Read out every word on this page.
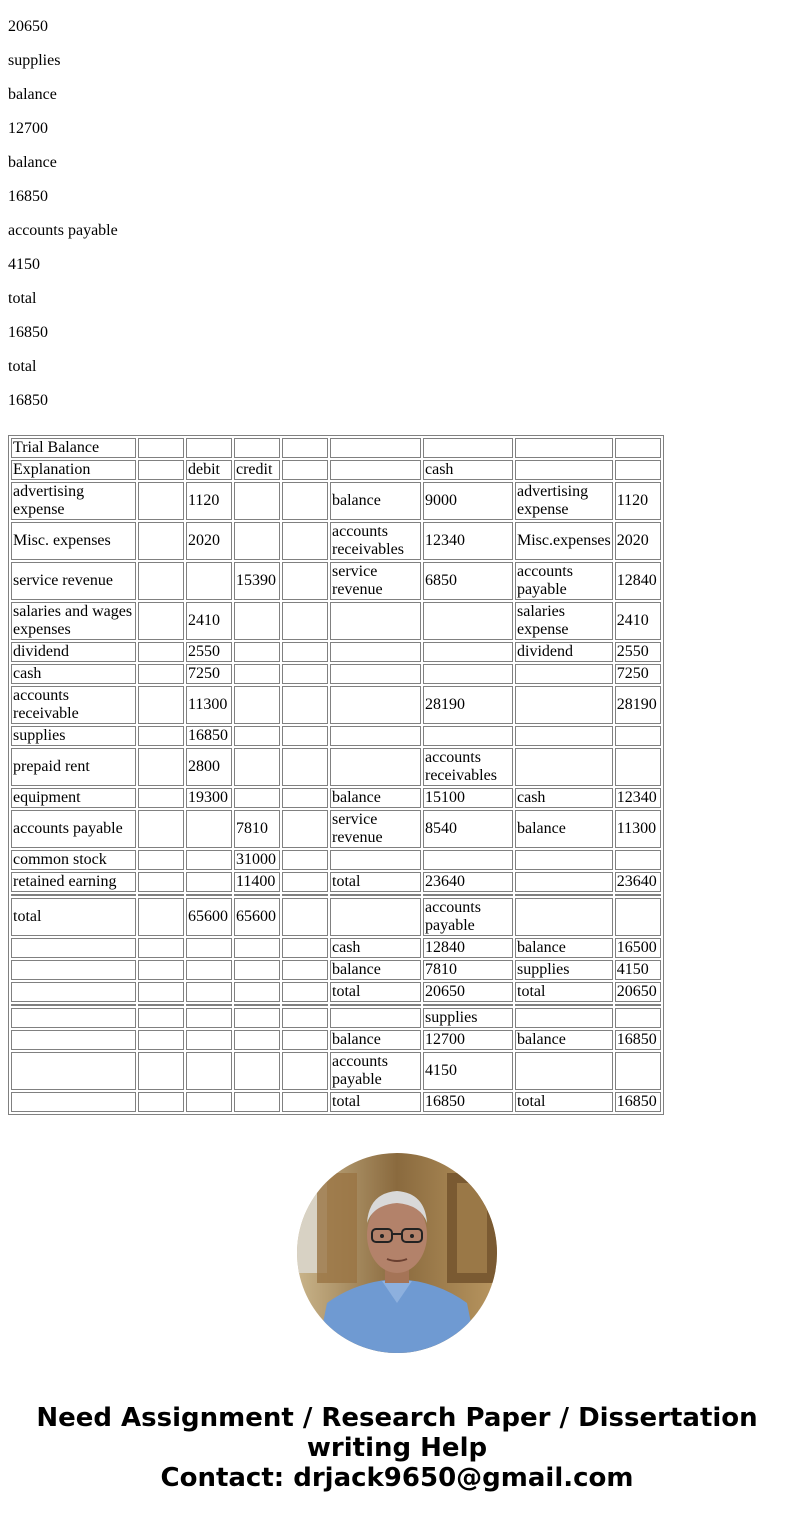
20650

supplies

balance

12700

balance

16850

accounts payable

4150

total

16850

total

16850

Trial Balance								
Explanation		debit	credit			cash		
advertising expense		1120			balance	9000	advertising expense	1120
Misc. expenses		2020			accounts receivables	12340	Misc.expenses	2020
service revenue			15390		service revenue	6850	accounts payable	12840
salaries and wages expenses		2410					salaries expense	2410
dividend		2550					dividend	2550
cash		7250						7250
accounts receivable		11300				28190		28190
supplies		16850						
prepaid rent		2800				accounts receivables		
equipment		19300			balance	15100	cash	12340
accounts payable			7810		service revenue	8540	balance	11300
common stock			31000					
retained earning			11400		total	23640		23640

total		65600	65600			accounts payable		
					cash	12840	balance	16500
					balance	7810	supplies	4150
					total	20650	total	20650

						supplies		
					balance	12700	balance	16850
					accounts payable	4150		
					total	16850	total	16850
Need Assignment / Research Paper / Dissertation
writing Help
Contact: drjack9650@gmail.com
